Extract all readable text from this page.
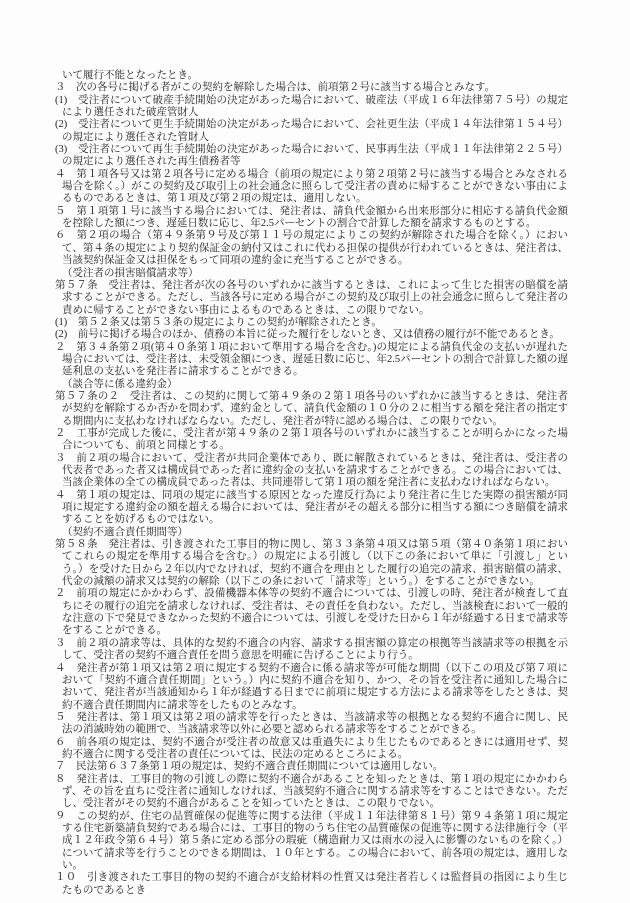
いて履行不能となったとき。

３　次の各号に掲げる者がこの契約を解除した場合は、前項第２号に該当する場合とみなす。

(1)　受注者について破産手続開始の決定があった場合において、破産法（平成１６年法律第７５号）の規定により選任された破産管財人

(2)　受注者について更生手続開始の決定があった場合において、会社更生法（平成１４年法律第１５４号）の規定により選任された管財人

(3)　受注者について再生手続開始の決定があった場合において、民事再生法（平成１１年法律第２２５号）の規定により選任された再生債務者等

４　第１項各号又は第２項各号に定める場合（前項の規定により第２項第２号に該当する場合とみなされる場合を除く。）がこの契約及び取引上の社会通念に照らして受注者の責めに帰することができない事由によるものであるときは、第１項及び第２項の規定は、適用しない。

５　第１項第１号に該当する場合においては、発注者は、請負代金額から出来形部分に相応する請負代金額を控除した額につき、遅延日数に応じ、年2.5パーセントの割合で計算した額を請求するものとする。

６　第２項の場合（第４９条第９号及び第１１号の規定によりこの契約が解除された場合を除く。）において、第４条の規定により契約保証金の納付又はこれに代わる担保の提供が行われているときは、発注者は、当該契約保証金又は担保をもって同項の違約金に充当することができる。

（受注者の損害賠償請求等）

第５７条　受注者は、発注者が次の各号のいずれかに該当するときは、これによって生じた損害の賠償を請求することができる。ただし、当該各号に定める場合がこの契約及び取引上の社会通念に照らして発注者の責めに帰することができない事由によるものであるときは、この限りでない。

(1)　第５２条又は第５３条の規定によりこの契約が解除されたとき。

(2)　前号に掲げる場合のほか、債務の本旨に従った履行をしないとき、又は債務の履行が不能であるとき。

２　第３４条第２項(第４０条第１項において準用する場合を含む。)の規定による請負代金の支払いが遅れた場合においては、受注者は、未受領金額につき、遅延日数に応じ、年2.5パーセントの割合で計算した額の遅延利息の支払いを発注者に請求することができる。

（談合等に係る違約金）

第５７条の２　受注者は、この契約に関して第４９条の２第１項各号のいずれかに該当するときは、発注者が契約を解除するか否かを問わず、違約金として、請負代金額の１０分の２に相当する額を発注者の指定する期間内に支払わなければならない。ただし、発注者が特に認める場合は、この限りでない。

２　工事が完成した後に、受注者が第４９条の２第１項各号のいずれかに該当することが明らかになった場合についても、前項と同様とする。

３　前２項の場合において、受注者が共同企業体であり、既に解散されているときは、発注者は、受注者の代表者であった者又は構成員であった者に違約金の支払いを請求することができる。この場合においては、当該企業体の全ての構成員であった者は、共同連帯して第１項の額を発注者に支払わなければならない。

４　第１項の規定は、同項の規定に該当する原因となった違反行為により発注者に生じた実際の損害額が同項に規定する違約金の額を超える場合においては、発注者がその超える部分に相当する額につき賠償を請求することを妨げるものではない。

（契約不適合責任期間等）

第５８条　発注者は、引き渡された工事目的物に関し、第３３条第４項又は第５項（第４０条第１項においてこれらの規定を準用する場合を含む。）の規定による引渡し（以下この条において単に「引渡し」という。）を受けた日から２年以内でなければ、契約不適合を理由とした履行の追完の請求、損害賠償の請求、代金の減額の請求又は契約の解除（以下この条において「請求等」という。）をすることができない。

２　前項の規定にかかわらず、設備機器本体等の契約不適合については、引渡しの時、発注者が検査して直ちにその履行の追完を請求しなければ、受注者は、その責任を負わない。ただし、当該検査において一般的な注意の下で発見できなかった契約不適合については、引渡しを受けた日から１年が経過する日まで請求等をすることができる。

３　前２項の請求等は、具体的な契約不適合の内容、請求する損害額の算定の根拠等当該請求等の根拠を示して、受注者の契約不適合責任を問う意思を明確に告げることにより行う。

４　発注者が第１項又は第２項に規定する契約不適合に係る請求等が可能な期間（以下この項及び第７項において「契約不適合責任期間」という。）内に契約不適合を知り、かつ、その旨を受注者に通知した場合において、発注者が当該通知から１年が経過する日までに前項に規定する方法による請求等をしたときは、契約不適合責任期間内に請求等をしたものとみなす。

５　発注者は、第１項又は第２項の請求等を行ったときは、当該請求等の根拠となる契約不適合に関し、民法の消滅時効の範囲で、当該請求等以外に必要と認められる請求等をすることができる。

６　前各項の規定は、契約不適合が受注者の故意又は重過失により生じたものであるときには適用せず、契約不適合に関する受注者の責任については、民法の定めるところによる。

７　民法第６３７条第１項の規定は、契約不適合責任期間については適用しない。

８　発注者は、工事目的物の引渡しの際に契約不適合があることを知ったときは、第１項の規定にかかわらず、その旨を直ちに受注者に通知しなければ、当該契約不適合に関する請求等をすることはできない。ただし、受注者がその契約不適合があることを知っていたときは、この限りでない。

９　この契約が、住宅の品質確保の促進等に関する法律（平成１１年法律第８１号）第９４条第１項に規定する住宅新築請負契約である場合には、工事目的物のうち住宅の品質確保の促進等に関する法律施行令（平成１２年政令第６４号）第５条に定める部分の瑕疵（構造耐力又は雨水の浸入に影響のないものを除く。）について請求等を行うことのできる期間は、１０年とする。この場合において、前各項の規定は、適用しない。

１０　引き渡された工事目的物の契約不適合が支給材料の性質又は発注者若しくは監督員の指図により生じたものであるとき
